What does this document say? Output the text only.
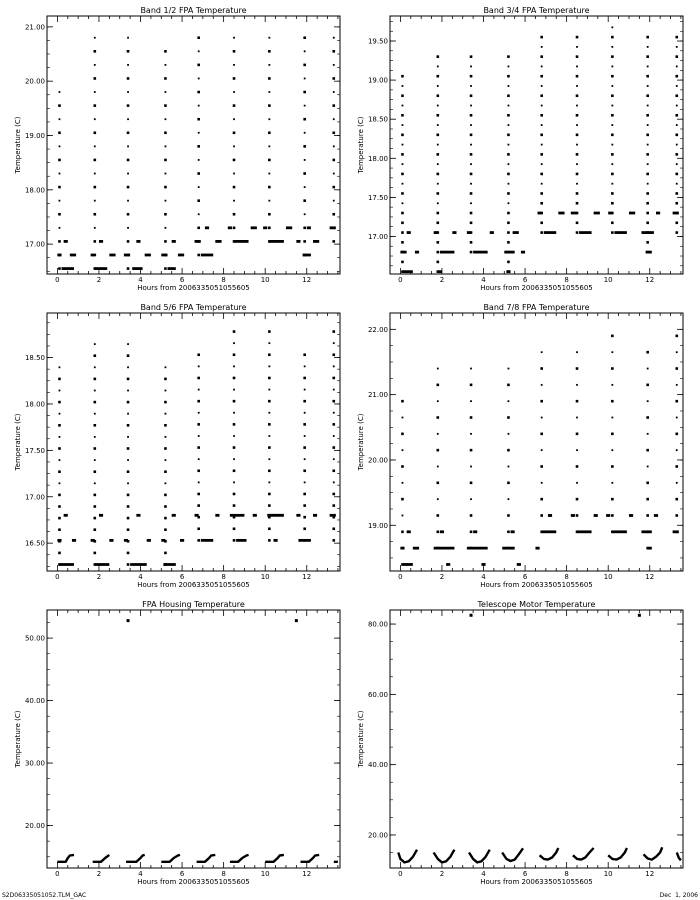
Band 1/2 FPA Temperature
Hours from 2006335051055605
Temperature (C)
0	2	4	6	8	10	12
17.00
18.00
19.00
20.00
21.00
Band 3/4 FPA Temperature
Hours from 2006335051055605
Temperature (C)
0	2	4	6	8	10	12
17.00
17.50
18.00
18.50
19.00
19.50
Band 5/6 FPA Temperature
Hours from 2006335051055605
Temperature (C)
0	2	4	6	8	10	12
16.50
17.00
17.50
18.00
18.50
Band 7/8 FPA Temperature
Hours from 2006335051055605
Temperature (C)
0	2	4	6	8	10	12
19.00
20.00
21.00
22.00
FPA Housing Temperature
Hours from 2006335051055605
Temperature (C)
0	2	4	6	8	10	12
20.00
30.00
40.00
50.00
Telescope Motor Temperature
Hours from 2006335051055605
Temperature (C)
0	2	4	6	8	10	12
20.00
40.00
60.00
80.00
S2D06335051052.TLM_GAC	Dec  1, 2006
